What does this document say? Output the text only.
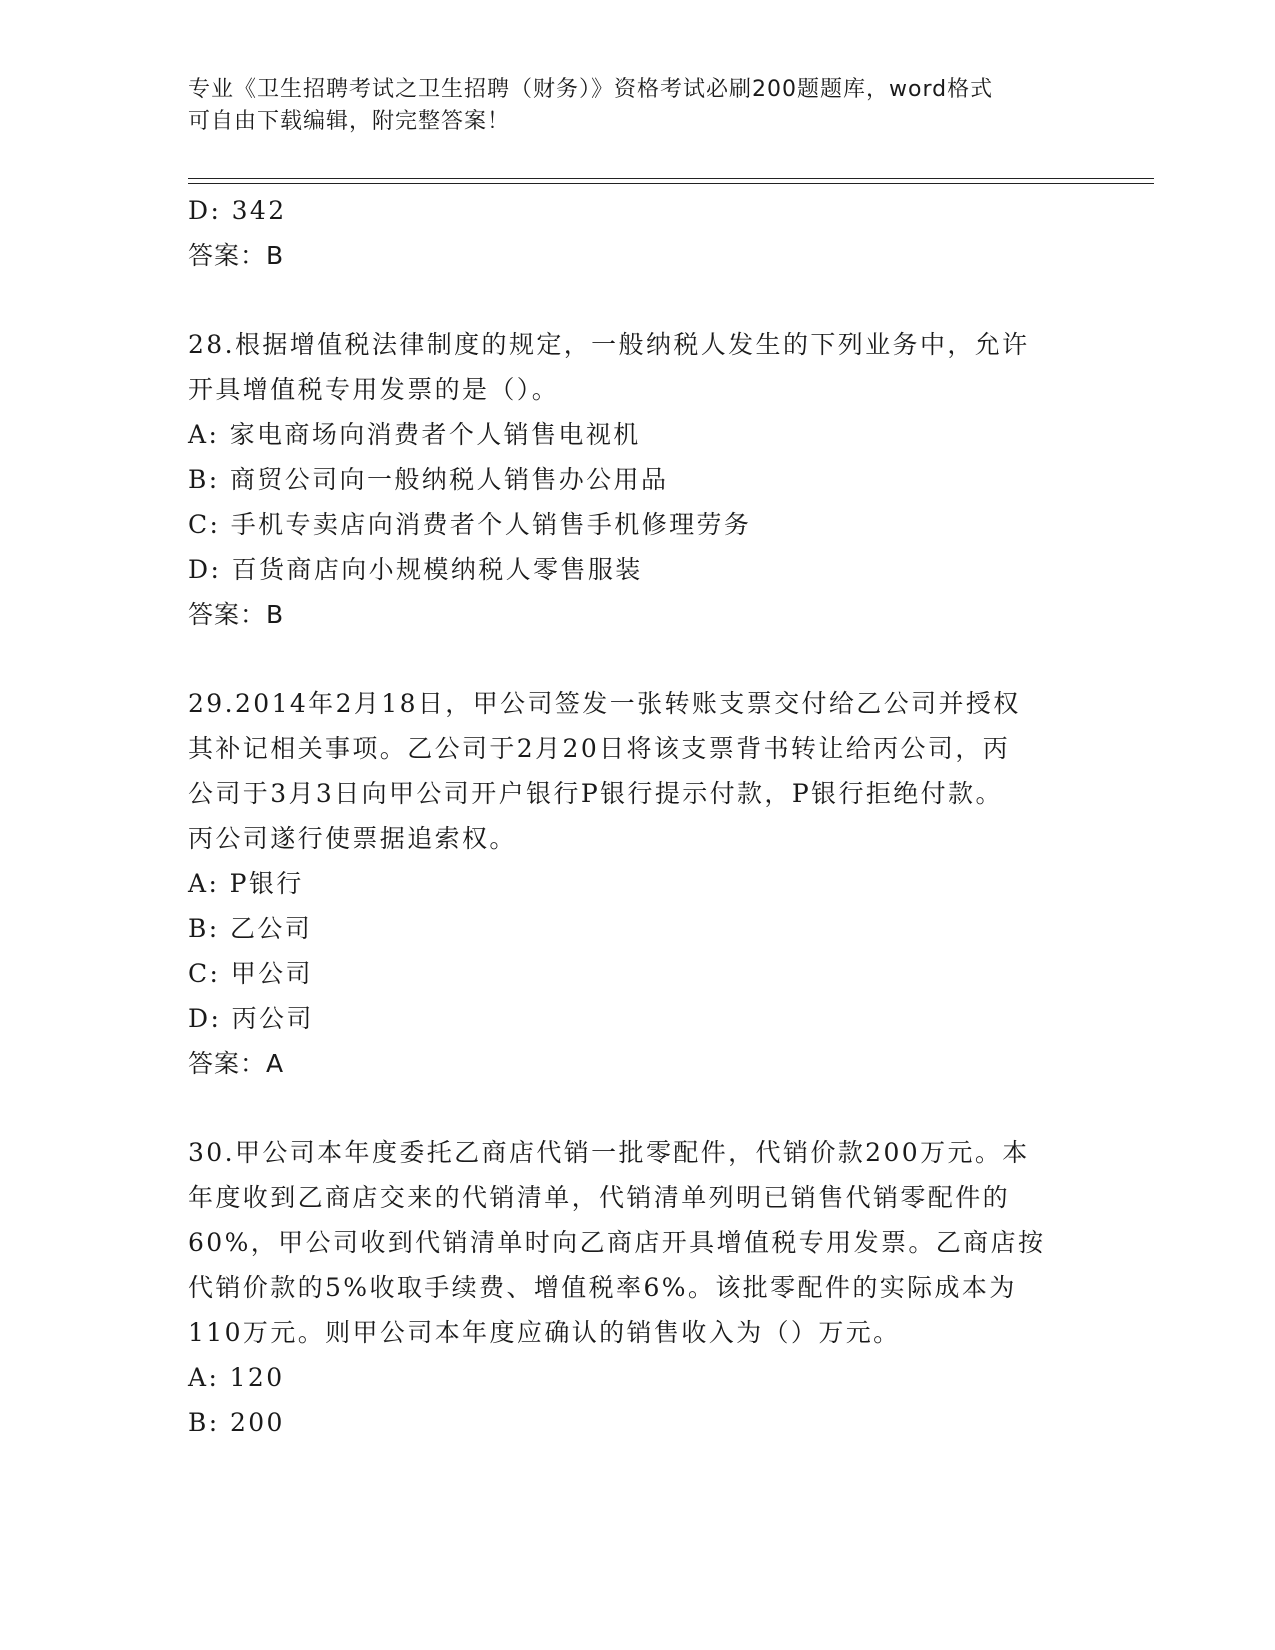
专业《卫生招聘考试之卫生招聘（财务）》资格考试必刷200题题库，word格式
可自由下载编辑，附完整答案！
D: 342
答案：B
28.根据增值税法律制度的规定，一般纳税人发生的下列业务中，允许
开具增值税专用发票的是（）。
A: 家电商场向消费者个人销售电视机
B: 商贸公司向一般纳税人销售办公用品
C: 手机专卖店向消费者个人销售手机修理劳务
D: 百货商店向小规模纳税人零售服装
答案：B
29.2014年2月18日，甲公司签发一张转账支票交付给乙公司并授权
其补记相关事项。乙公司于2月20日将该支票背书转让给丙公司，丙
公司于3月3日向甲公司开户银行P银行提示付款，P银行拒绝付款。
丙公司遂行使票据追索权。
A: P银行
B: 乙公司
C: 甲公司
D: 丙公司
答案：A
30.甲公司本年度委托乙商店代销一批零配件，代销价款200万元。本
年度收到乙商店交来的代销清单，代销清单列明已销售代销零配件的
60%，甲公司收到代销清单时向乙商店开具增值税专用发票。乙商店按
代销价款的5%收取手续费、增值税率6%。该批零配件的实际成本为
110万元。则甲公司本年度应确认的销售收入为（）万元。
A: 120
B: 200
